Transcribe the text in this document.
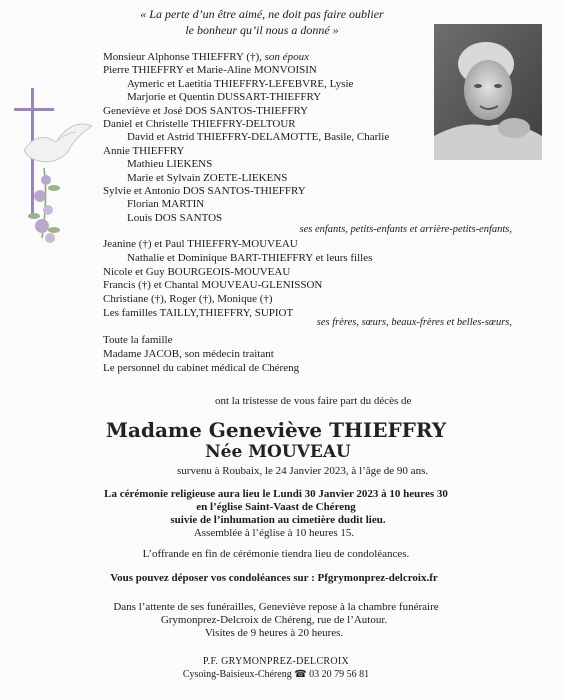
« La perte d’un être aimé, ne doit pas faire oublier
le bonheur qu’il nous a donné »
Monsieur Alphonse THIEFFRY (†), son époux
Pierre THIEFFRY et Marie-Aline MONVOISIN
Aymeric et Laetitia THIEFFRY-LEFEBVRE, Lysie
Marjorie et Quentin DUSSART-THIEFFRY
Geneviève et José DOS SANTOS-THIEFFRY
Daniel et Christelle THIEFFRY-DELTOUR
David et Astrid THIEFFRY-DELAMOTTE, Basile, Charlie
Annie THIEFFRY
Mathieu LIEKENS
Marie et Sylvain ZOETE-LIEKENS
Sylvie et Antonio DOS SANTOS-THIEFFRY
Florian MARTIN
Louis DOS SANTOS
ses enfants, petits-enfants et arrière-petits-enfants,
Jeanine (†) et Paul THIEFFRY-MOUVEAU
Nathalie et Dominique BART-THIEFFRY et leurs filles
Nicole et Guy BOURGEOIS-MOUVEAU
Francis (†) et Chantal MOUVEAU-GLENISSON
Christiane (†), Roger (†), Monique (†)
Les familles TAILLY,THIEFFRY, SUPIOT
ses frères, sœurs, beaux-frères et belles-sœurs,
Toute la famille
Madame JACOB, son médecin traitant
Le personnel du cabinet médical de Chéreng
ont la tristesse de vous faire part du décès de
Madame Geneviève THIEFFRY
Née MOUVEAU
survenu à Roubaix, le 24 Janvier 2023, à l’âge de 90 ans.
La cérémonie religieuse aura lieu le Lundi 30 Janvier 2023 à 10 heures 30
en l’église Saint-Vaast de Chéreng
suivie de l’inhumation au cimetière dudit lieu.
Assemblée à l’église à 10 heures 15.
L’offrande en fin de cérémonie tiendra lieu de condoléances.
Vous pouvez déposer vos condoléances sur : Pfgrymonprez-delcroix.fr
Dans l’attente de ses funérailles, Geneviève repose à la chambre funéraire
Grymonprez-Delcroix de Chéreng, rue de l’Autour.
Visites de 9 heures à 20 heures.
P.F. GRYMONPREZ-DELCROIX
Cysoing-Baisieux-Chéreng ☎ 03 20 79 56 81
